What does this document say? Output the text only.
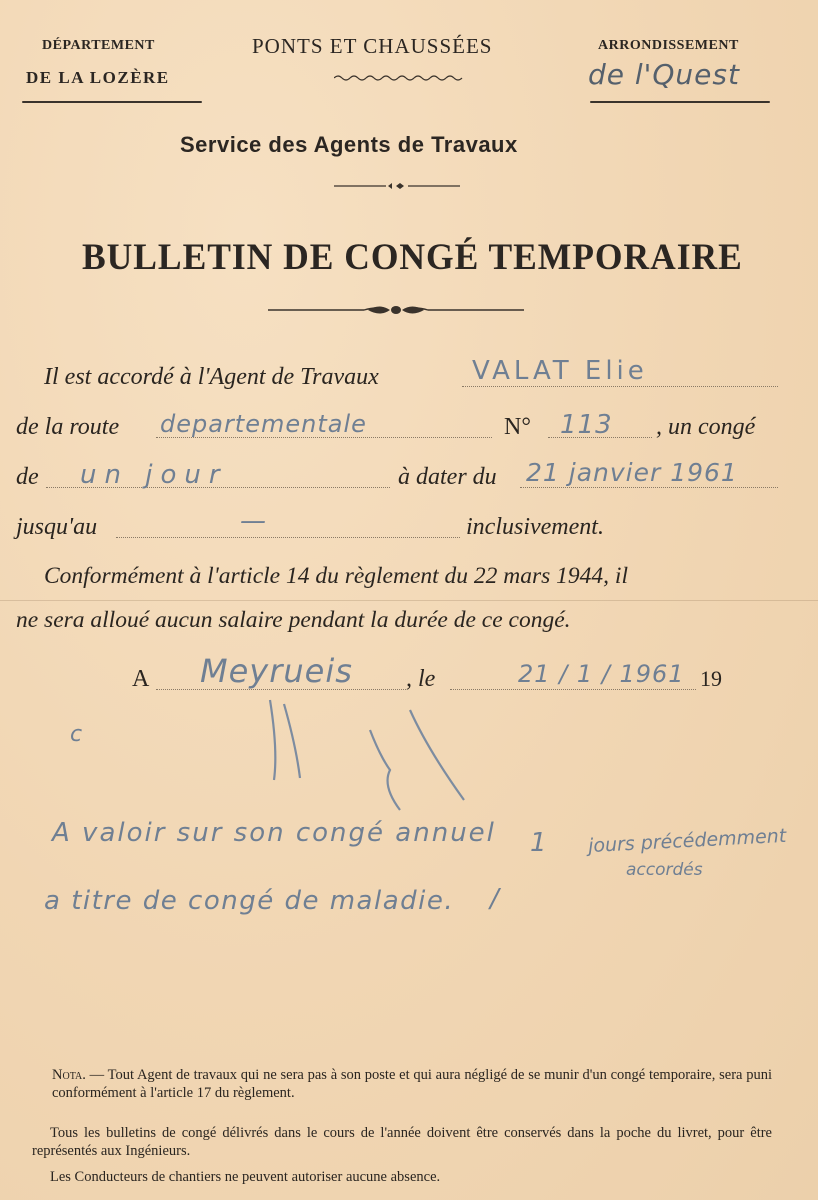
DÉPARTEMENT
DE LA LOZÈRE
PONTS ET CHAUSSÉES	ARRONDISSEMENT
de l'Quest
Service des Agents de Travaux
BULLETIN DE CONGÉ TEMPORAIRE
Il est accordé à l'Agent de Travaux	VALAT Elie
de la route departementale	N° 113 , un congé
de un jour	à dater du 21 janvier 1961
jusqu'au	—	inclusivement.
Conformément à l'article 14 du règlement du 22 mars 1944, il
ne sera alloué aucun salaire pendant la durée de ce congé.
A Meyrueis , le	21 / 1 / 1961 19
c
A valoir sur son congé annuel 1 jours précédemment
accordés
a titre de congé de maladie. /
Nota. — Tout Agent de travaux qui ne sera pas à son poste et qui aura négligé de se munir d'un congé temporaire, sera puni conformément à l'article 17 du règlement.
Tous les bulletins de congé délivrés dans le cours de l'année doivent être conservés dans la poche du livret, pour être représentés aux Ingénieurs.
Les Conducteurs de chantiers ne peuvent autoriser aucune absence.
